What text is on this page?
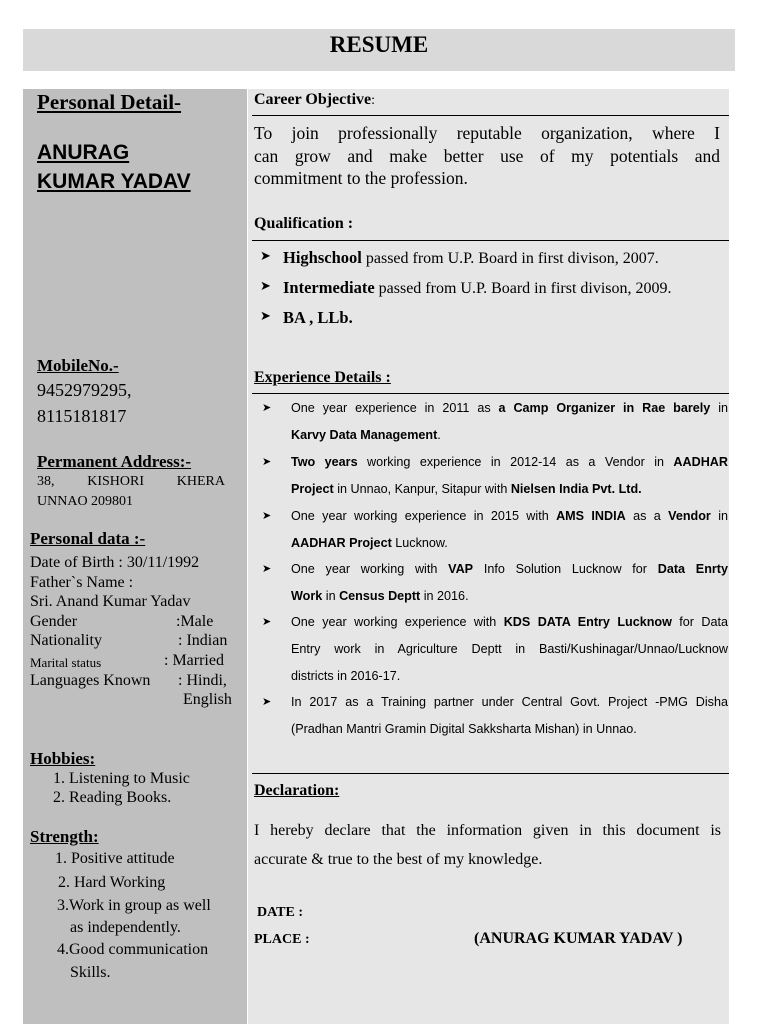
RESUME
Personal Detail-
ANURAG
KUMAR YADAV
MobileNo.-
9452979295,
8115181817
Permanent Address:-
38, KISHORI KHERA
UNNAO 209801
Personal data :-
Date of Birth : 30/11/1992
Father`s Name :
Sri. Anand Kumar Yadav
Gender	:Male
Nationality	: Indian
Marital status	: Married
Languages Known : Hindi,
English
Hobbies:
1. Listening to Music
2. Reading Books.
Strength:
1. Positive attitude
2. Hard Working
3.Work in group as well
as independently.
4.Good communication
Skills.
Career Objective:
To join professionally reputable organization, where I
can grow and make better use of my potentials and
commitment to the profession.
Qualification :
➤ Highschool passed from U.P. Board in first divison, 2007.
➤ Intermediate passed from U.P. Board in first divison, 2009.
➤ BA , LLb.
Experience Details :
➤ One year experience in 2011 as a Camp Organizer in Rae barely in
Karvy Data Management.
➤ Two years working experience in 2012-14 as a Vendor in AADHAR
Project in Unnao, Kanpur, Sitapur with Nielsen India Pvt. Ltd.
➤ One year working experience in 2015 with AMS INDIA as a Vendor in
AADHAR Project Lucknow.
➤ One year working with VAP Info Solution Lucknow for Data Enrty
Work in Census Deptt in 2016.
➤ One year working experience with KDS DATA Entry Lucknow for Data
Entry work in Agriculture Deptt in Basti/Kushinagar/Unnao/Lucknow
districts in 2016-17.
➤ In 2017 as a Training partner under Central Govt. Project -PMG Disha
(Pradhan Mantri Gramin Digital Sakksharta Mishan) in Unnao.
Declaration:
I hereby declare that the information given in this document is
accurate & true to the best of my knowledge.
DATE :
PLACE :	(ANURAG KUMAR YADAV )
